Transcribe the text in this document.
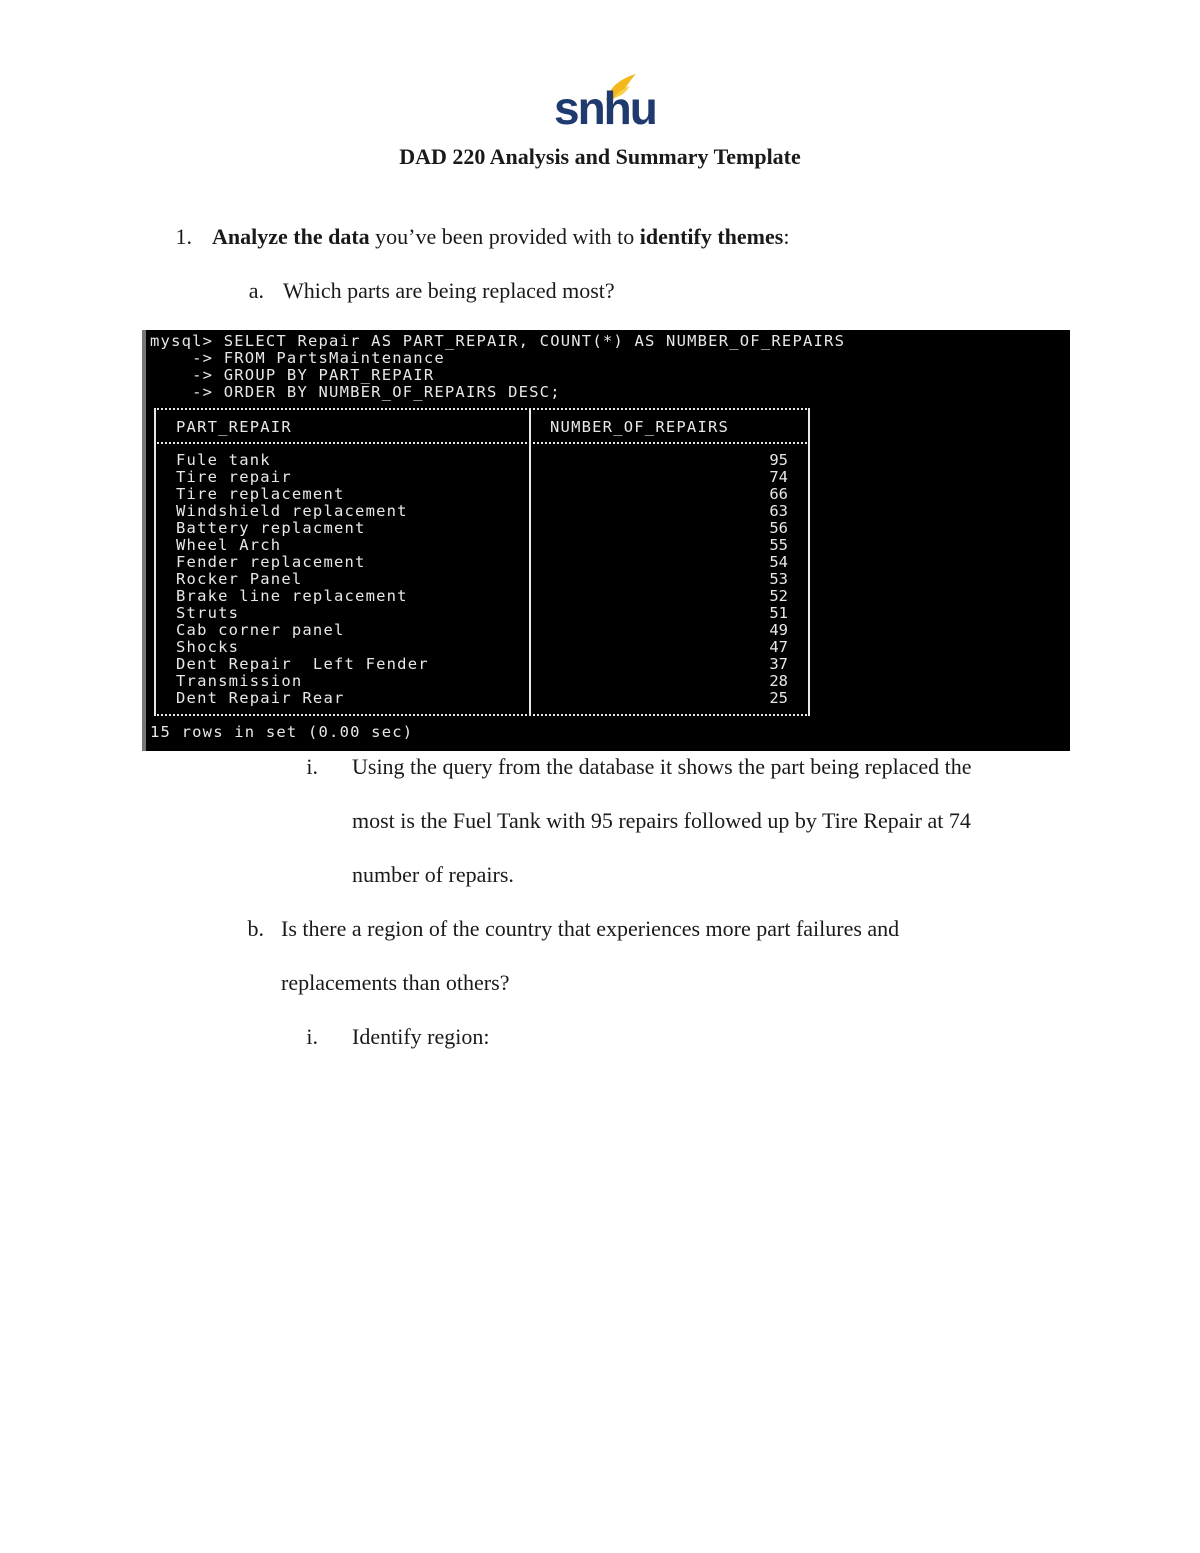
snhu
DAD 220 Analysis and Summary Template
1. Analyze the data you’ve been provided with to identify themes:
a. Which parts are being replaced most?
mysql> SELECT Repair AS PART_REPAIR, COUNT(*) AS NUMBER_OF_REPAIRS
-> FROM PartsMaintenance
-> GROUP BY PART_REPAIR
-> ORDER BY NUMBER_OF_REPAIRS DESC;
PART_REPAIR	NUMBER_OF_REPAIRS
Fule tank	95
Tire repair	74
Tire replacement	66
Windshield replacement	63
Battery replacment	56
Wheel Arch	55
Fender replacement	54
Rocker Panel	53
Brake line replacement	52
Struts	51
Cab corner panel	49
Shocks	47
Dent Repair  Left Fender	37
Transmission	28
Dent Repair Rear	25
15 rows in set (0.00 sec)
i. Using the query from the database it shows the part being replaced the
most is the Fuel Tank with 95 repairs followed up by Tire Repair at 74
number of repairs.
b. Is there a region of the country that experiences more part failures and
replacements than others?
i. Identify region:
